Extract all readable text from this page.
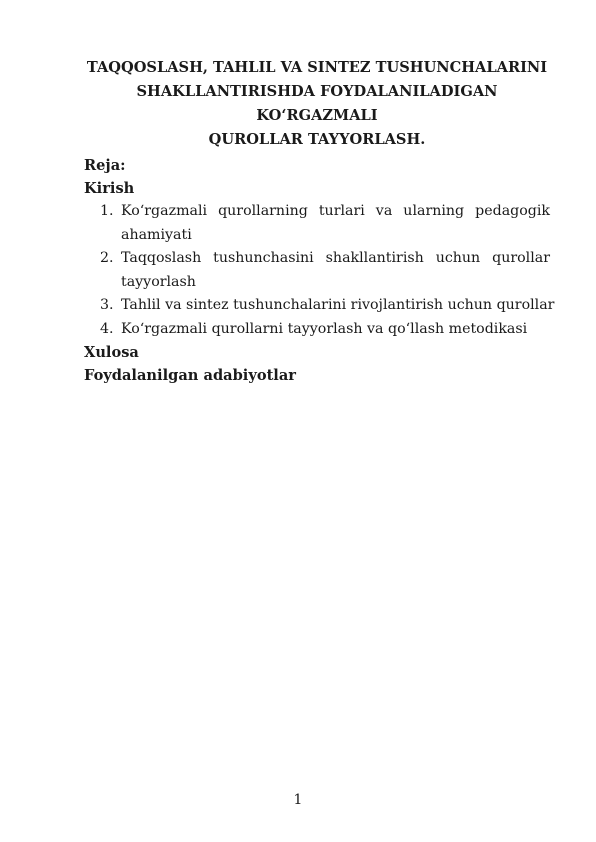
TAQQOSLASH, TAHLIL VA SINTEZ TUSHUNCHALARINI
SHAKLLANTIRISHDA FOYDALANILADIGAN KO‘RGAZMALI
QUROLLAR TAYYORLASH.

Reja:

Kirish

1. Ko‘rgazmali qurollarning turlari va ularning pedagogik
ahamiyati
2. Taqqoslash tushunchasini shakllantirish uchun qurollar
tayyorlash
3. Tahlil va sintez tushunchalarini rivojlantirish uchun qurollar
4. Ko‘rgazmali qurollarni tayyorlash va qo‘llash metodikasi

Xulosa

Foydalanilgan adabiyotlar

1
